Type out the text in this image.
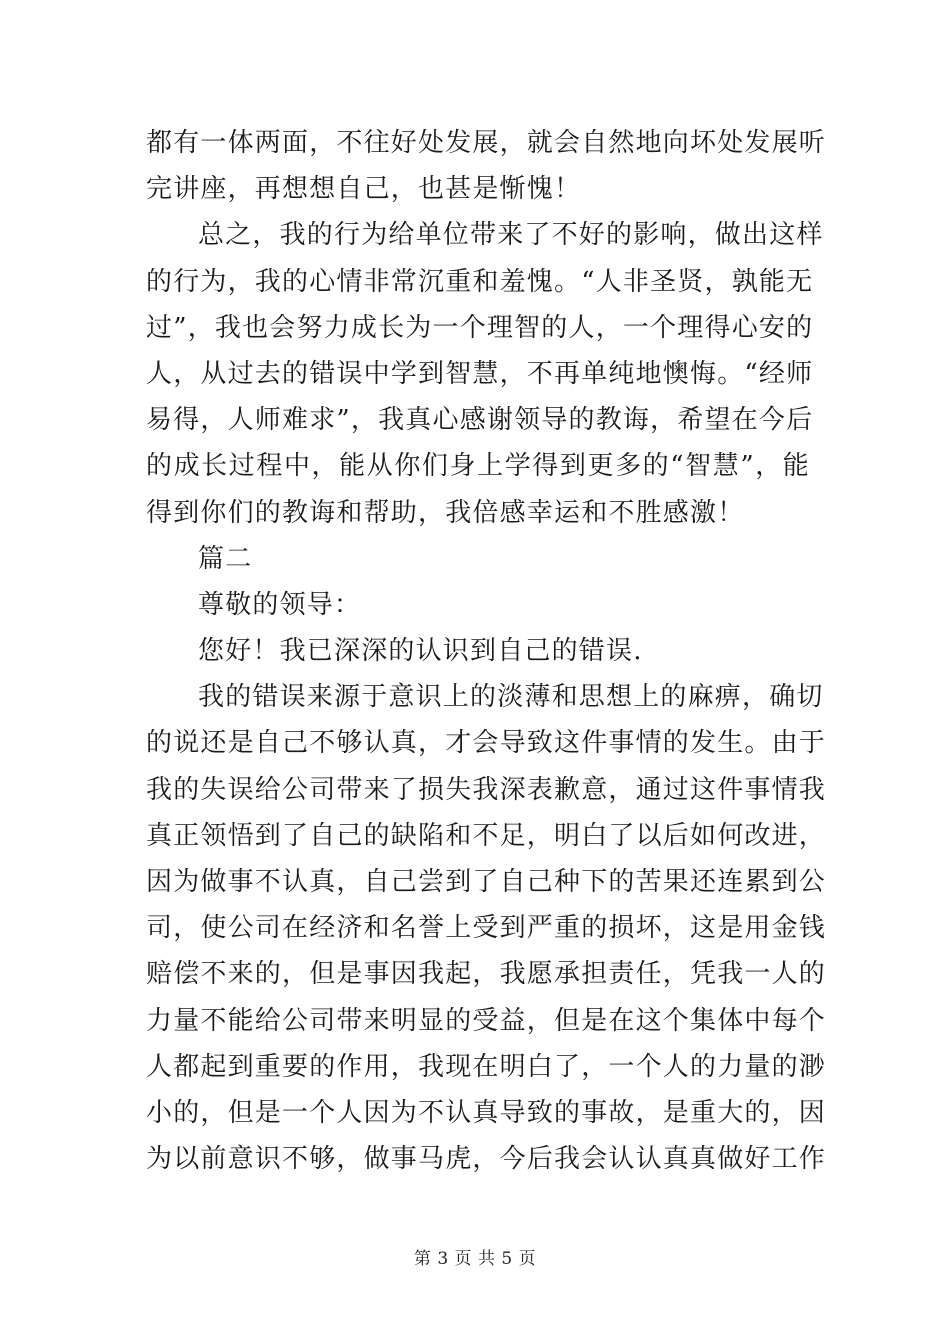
都有一体两面，不往好处发展，就会自然地向坏处发展听
完讲座，再想想自己，也甚是惭愧！
总之，我的行为给单位带来了不好的影响，做出这样
的行为，我的心情非常沉重和羞愧。“人非圣贤，孰能无
过”，我也会努力成长为一个理智的人，一个理得心安的
人，从过去的错误中学到智慧，不再单纯地懊悔。“经师
易得，人师难求”，我真心感谢领导的教诲，希望在今后
的成长过程中，能从你们身上学得到更多的“智慧”，能
得到你们的教诲和帮助，我倍感幸运和不胜感激！
篇二
尊敬的领导：
您好！我已深深的认识到自己的错误.
我的错误来源于意识上的淡薄和思想上的麻痹，确切
的说还是自己不够认真，才会导致这件事情的发生。由于
我的失误给公司带来了损失我深表歉意，通过这件事情我
真正领悟到了自己的缺陷和不足，明白了以后如何改进，
因为做事不认真，自己尝到了自己种下的苦果还连累到公
司，使公司在经济和名誉上受到严重的损坏，这是用金钱
赔偿不来的，但是事因我起，我愿承担责任，凭我一人的
力量不能给公司带来明显的受益，但是在这个集体中每个
人都起到重要的作用，我现在明白了，一个人的力量的渺
小的，但是一个人因为不认真导致的事故，是重大的，因
为以前意识不够，做事马虎，今后我会认认真真做好工作
第 3 页 共 5 页
